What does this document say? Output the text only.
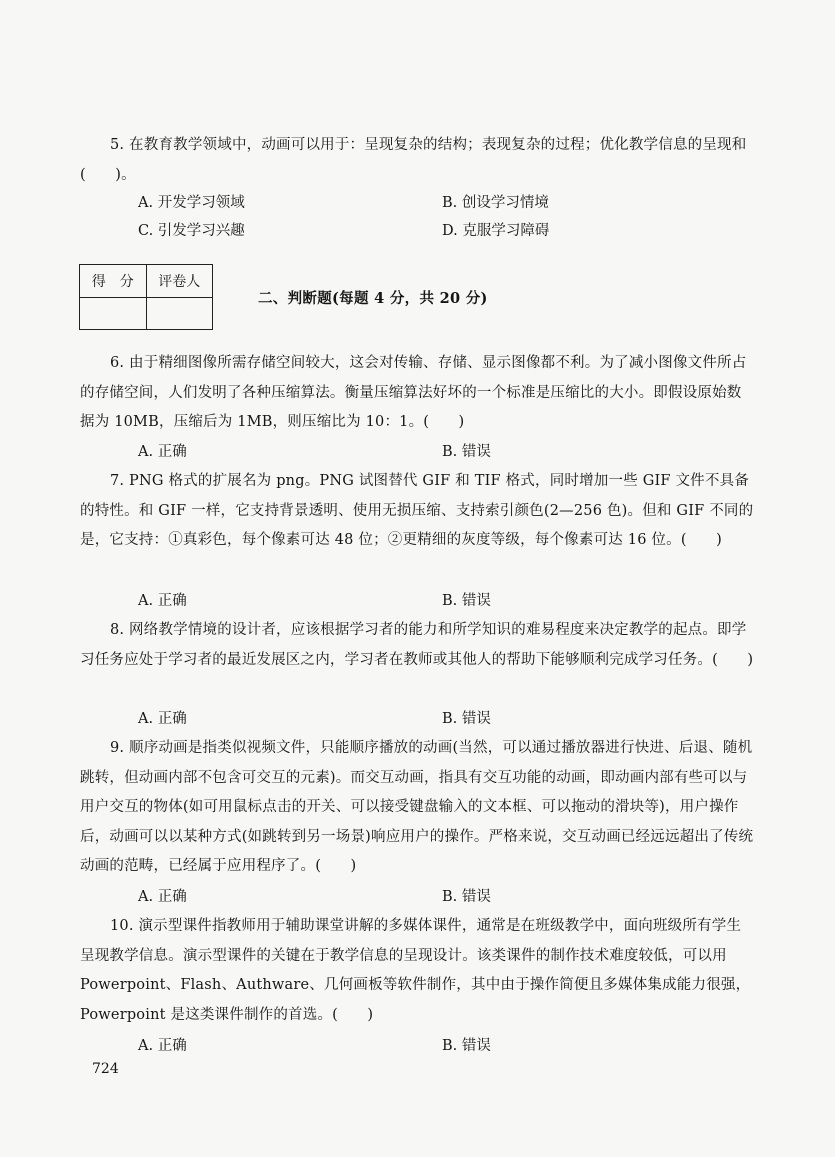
5. 在教育教学领域中，动画可以用于：呈现复杂的结构；表现复杂的过程；优化教学信息的呈现和(　　)。

A. 开发学习领域	B. 创设学习情境
C. 引发学习兴趣	D. 克服学习障碍
得　分	评卷人

二、判断题(每题 4 分，共 20 分)

6. 由于精细图像所需存储空间较大，这会对传输、存储、显示图像都不利。为了减小图像文件所占的存储空间，人们发明了各种压缩算法。衡量压缩算法好坏的一个标准是压缩比的大小。即假设原始数据为 10MB，压缩后为 1MB，则压缩比为 10：1。(　　)

A. 正确	B. 错误

7. PNG 格式的扩展名为 png。PNG 试图替代 GIF 和 TIF 格式，同时增加一些 GIF 文件不具备的特性。和 GIF 一样，它支持背景透明、使用无损压缩、支持索引颜色(2—256 色)。但和 GIF 不同的是，它支持：①真彩色，每个像素可达 48 位；②更精细的灰度等级，每个像素可达 16 位。(　　)

A. 正确	B. 错误

8. 网络教学情境的设计者，应该根据学习者的能力和所学知识的难易程度来决定教学的起点。即学习任务应处于学习者的最近发展区之内，学习者在教师或其他人的帮助下能够顺利完成学习任务。(　　)

A. 正确	B. 错误

9. 顺序动画是指类似视频文件，只能顺序播放的动画(当然，可以通过播放器进行快进、后退、随机跳转，但动画内部不包含可交互的元素)。而交互动画，指具有交互功能的动画，即动画内部有些可以与用户交互的物体(如可用鼠标点击的开关、可以接受键盘输入的文本框、可以拖动的滑块等)，用户操作后，动画可以以某种方式(如跳转到另一场景)响应用户的操作。严格来说，交互动画已经远远超出了传统动画的范畴，已经属于应用程序了。(　　)

A. 正确	B. 错误

10. 演示型课件指教师用于辅助课堂讲解的多媒体课件，通常是在班级教学中，面向班级所有学生呈现教学信息。演示型课件的关键在于教学信息的呈现设计。该类课件的制作技术难度较低，可以用 Powerpoint、Flash、Authware、几何画板等软件制作，其中由于操作简便且多媒体集成能力很强，Powerpoint 是这类课件制作的首选。(　　)

A. 正确	B. 错误
724
